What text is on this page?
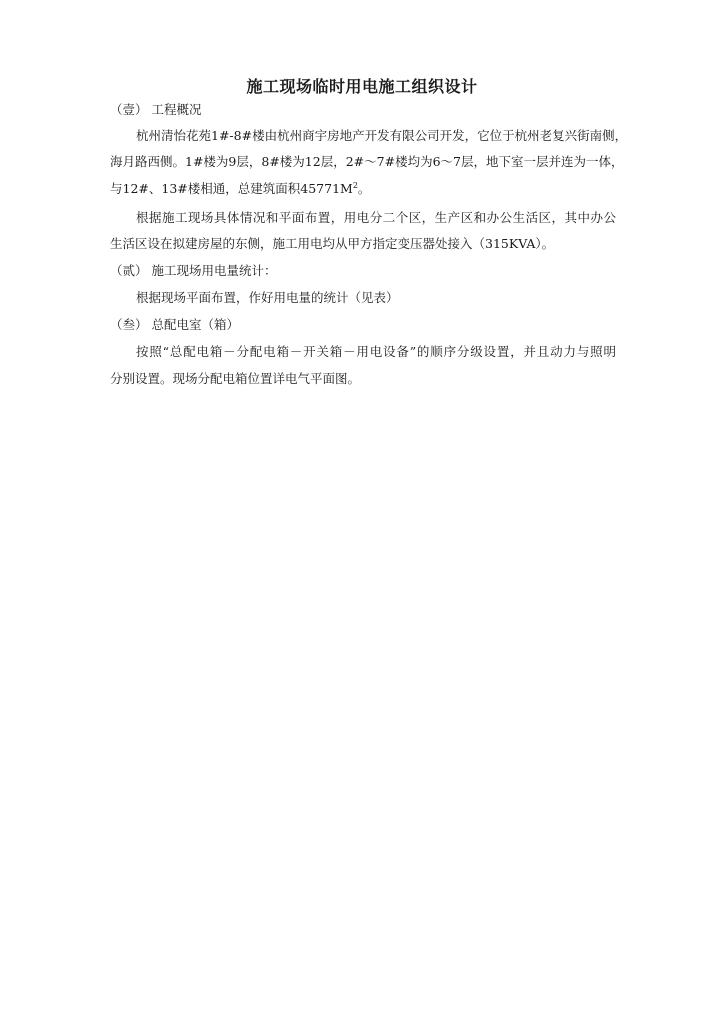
施工现场临时用电施工组织设计
（壹） 工程概况
杭州清怡花苑1#-8#楼由杭州商宇房地产开发有限公司开发，它位于杭州老复兴街南侧，
海月路西侧。1#楼为9层，8#楼为12层，2#～7#楼均为6～7层，地下室一层并连为一体，
与12#、13#楼相通，总建筑面积$45771M^2$。
根据施工现场具体情况和平面布置，用电分二个区，生产区和办公生活区，其中办公
生活区设在拟建房屋的东侧，施工用电均从甲方指定变压器处接入（315KVA）。
（贰） 施工现场用电量统计：
根据现场平面布置，作好用电量的统计（见表）
（叁） 总配电室（箱）
按照“总配电箱－分配电箱－开关箱－用电设备”的顺序分级设置，并且动力与照明
分别设置。现场分配电箱位置详电气平面图。
